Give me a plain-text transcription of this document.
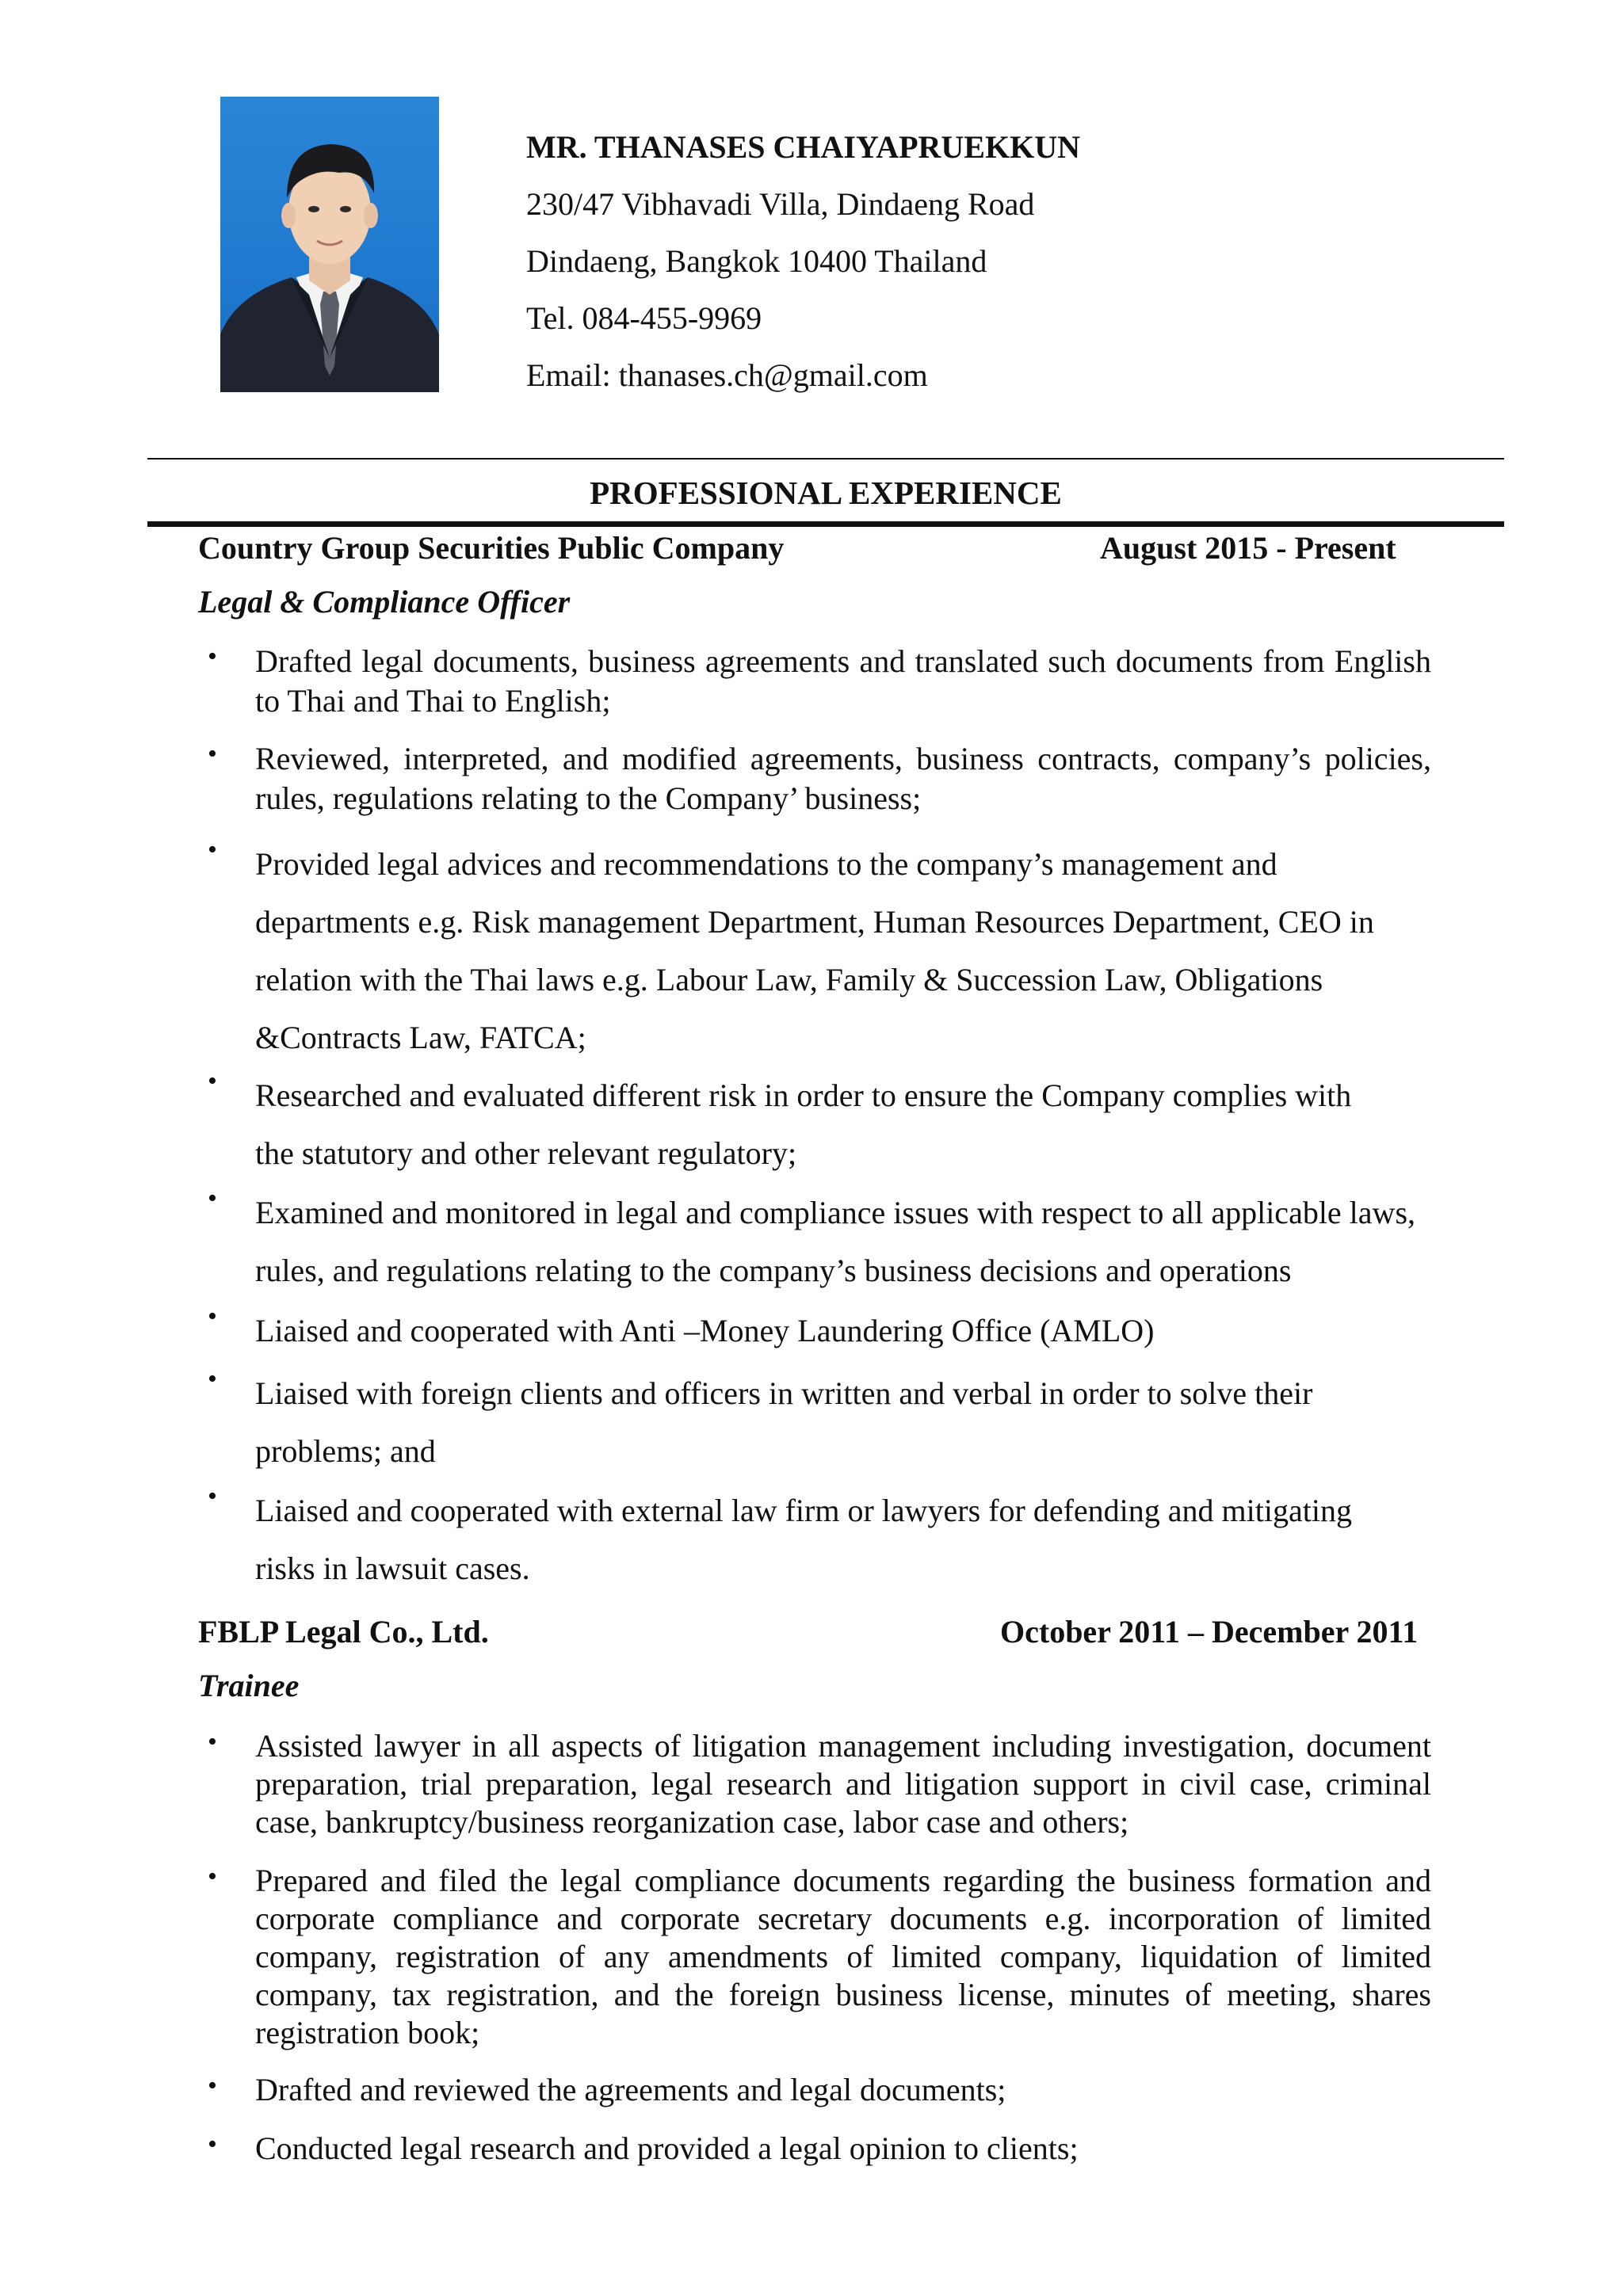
MR. THANASES CHAIYAPRUEKKUN
230/47 Vibhavadi Villa, Dindaeng Road
Dindaeng, Bangkok 10400 Thailand
Tel. 084-455-9969
Email: thanases.ch@gmail.com
PROFESSIONAL EXPERIENCE
Country Group Securities Public Company	August 2015 - Present
Legal & Compliance Officer
• Drafted legal documents, business agreements and translated such documents from English to Thai and Thai to English;
• Reviewed, interpreted, and modified agreements, business contracts, company’s policies, rules, regulations relating to the Company’ business;
• Provided legal advices and recommendations to the company’s management and departments e.g. Risk management Department, Human Resources Department, CEO in relation with the Thai laws e.g. Labour Law, Family & Succession Law, Obligations &Contracts Law, FATCA;
• Researched and evaluated different risk in order to ensure the Company complies with the statutory and other relevant regulatory;
• Examined and monitored in legal and compliance issues with respect to all applicable laws, rules, and regulations relating to the company’s business decisions and operations
• Liaised and cooperated with Anti –Money Laundering Office (AMLO)
• Liaised with foreign clients and officers in written and verbal in order to solve their problems; and
• Liaised and cooperated with external law firm or lawyers for defending and mitigating risks in lawsuit cases.
FBLP Legal Co., Ltd.	October 2011 – December 2011
Trainee
• Assisted lawyer in all aspects of litigation management including investigation, document preparation, trial preparation, legal research and litigation support in civil case, criminal case, bankruptcy/business reorganization case, labor case and others;
• Prepared and filed the legal compliance documents regarding the business formation and corporate compliance and corporate secretary documents e.g. incorporation of limited company, registration of any amendments of limited company, liquidation of limited company, tax registration, and the foreign business license, minutes of meeting, shares registration book;
• Drafted and reviewed the agreements and legal documents;
• Conducted legal research and provided a legal opinion to clients;
